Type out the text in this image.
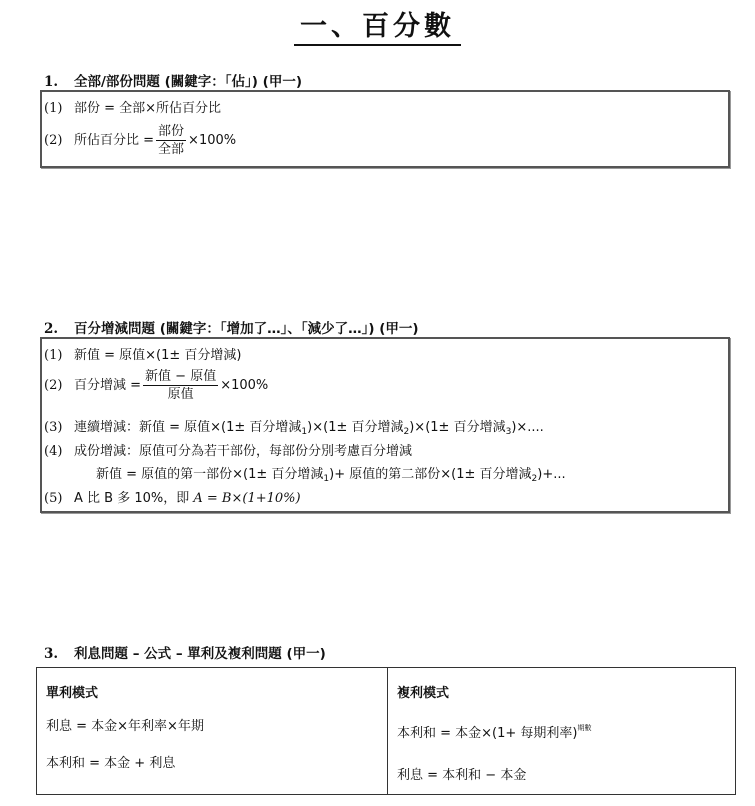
一、百分數
1. 全部/部份問題 (關鍵字：「佔」) (甲一)
(1) 部份 = 全部×所佔百分比
(2) 所佔百分比 = $\frac{\text{部份}}{\text{全部}} \times 100\%$
2. 百分增減問題 (關鍵字：「增加了…」、「減少了…」) (甲一)
(1) 新值 = 原值×(1± 百分增減)
(2) 百分增減 = $\frac{\text{新值 − 原值}}{\text{原值}} \times 100\%$
(3) 連續增減：新值 = 原值×(1± 百分增減$_1$)×(1± 百分增減$_2$)×(1± 百分增減$_3$)×....
(4) 成份增減：原值可分為若干部份，每部份分別考慮百分增減
新值 = 原值的第一部份×(1± 百分增減$_1$)+ 原值的第二部份×(1± 百分增減$_2$)+...
(5) A 比 B 多 10%，即 A = B×(1+10%)
3. 利息問題 – 公式 – 單利及複利問題 (甲一)
單利模式
利息 = 本金×年利率×年期
本利和 = 本金 + 利息

複利模式
本利和 = 本金×(1+ 每期利率)$^{期數}$
利息 = 本利和 − 本金
